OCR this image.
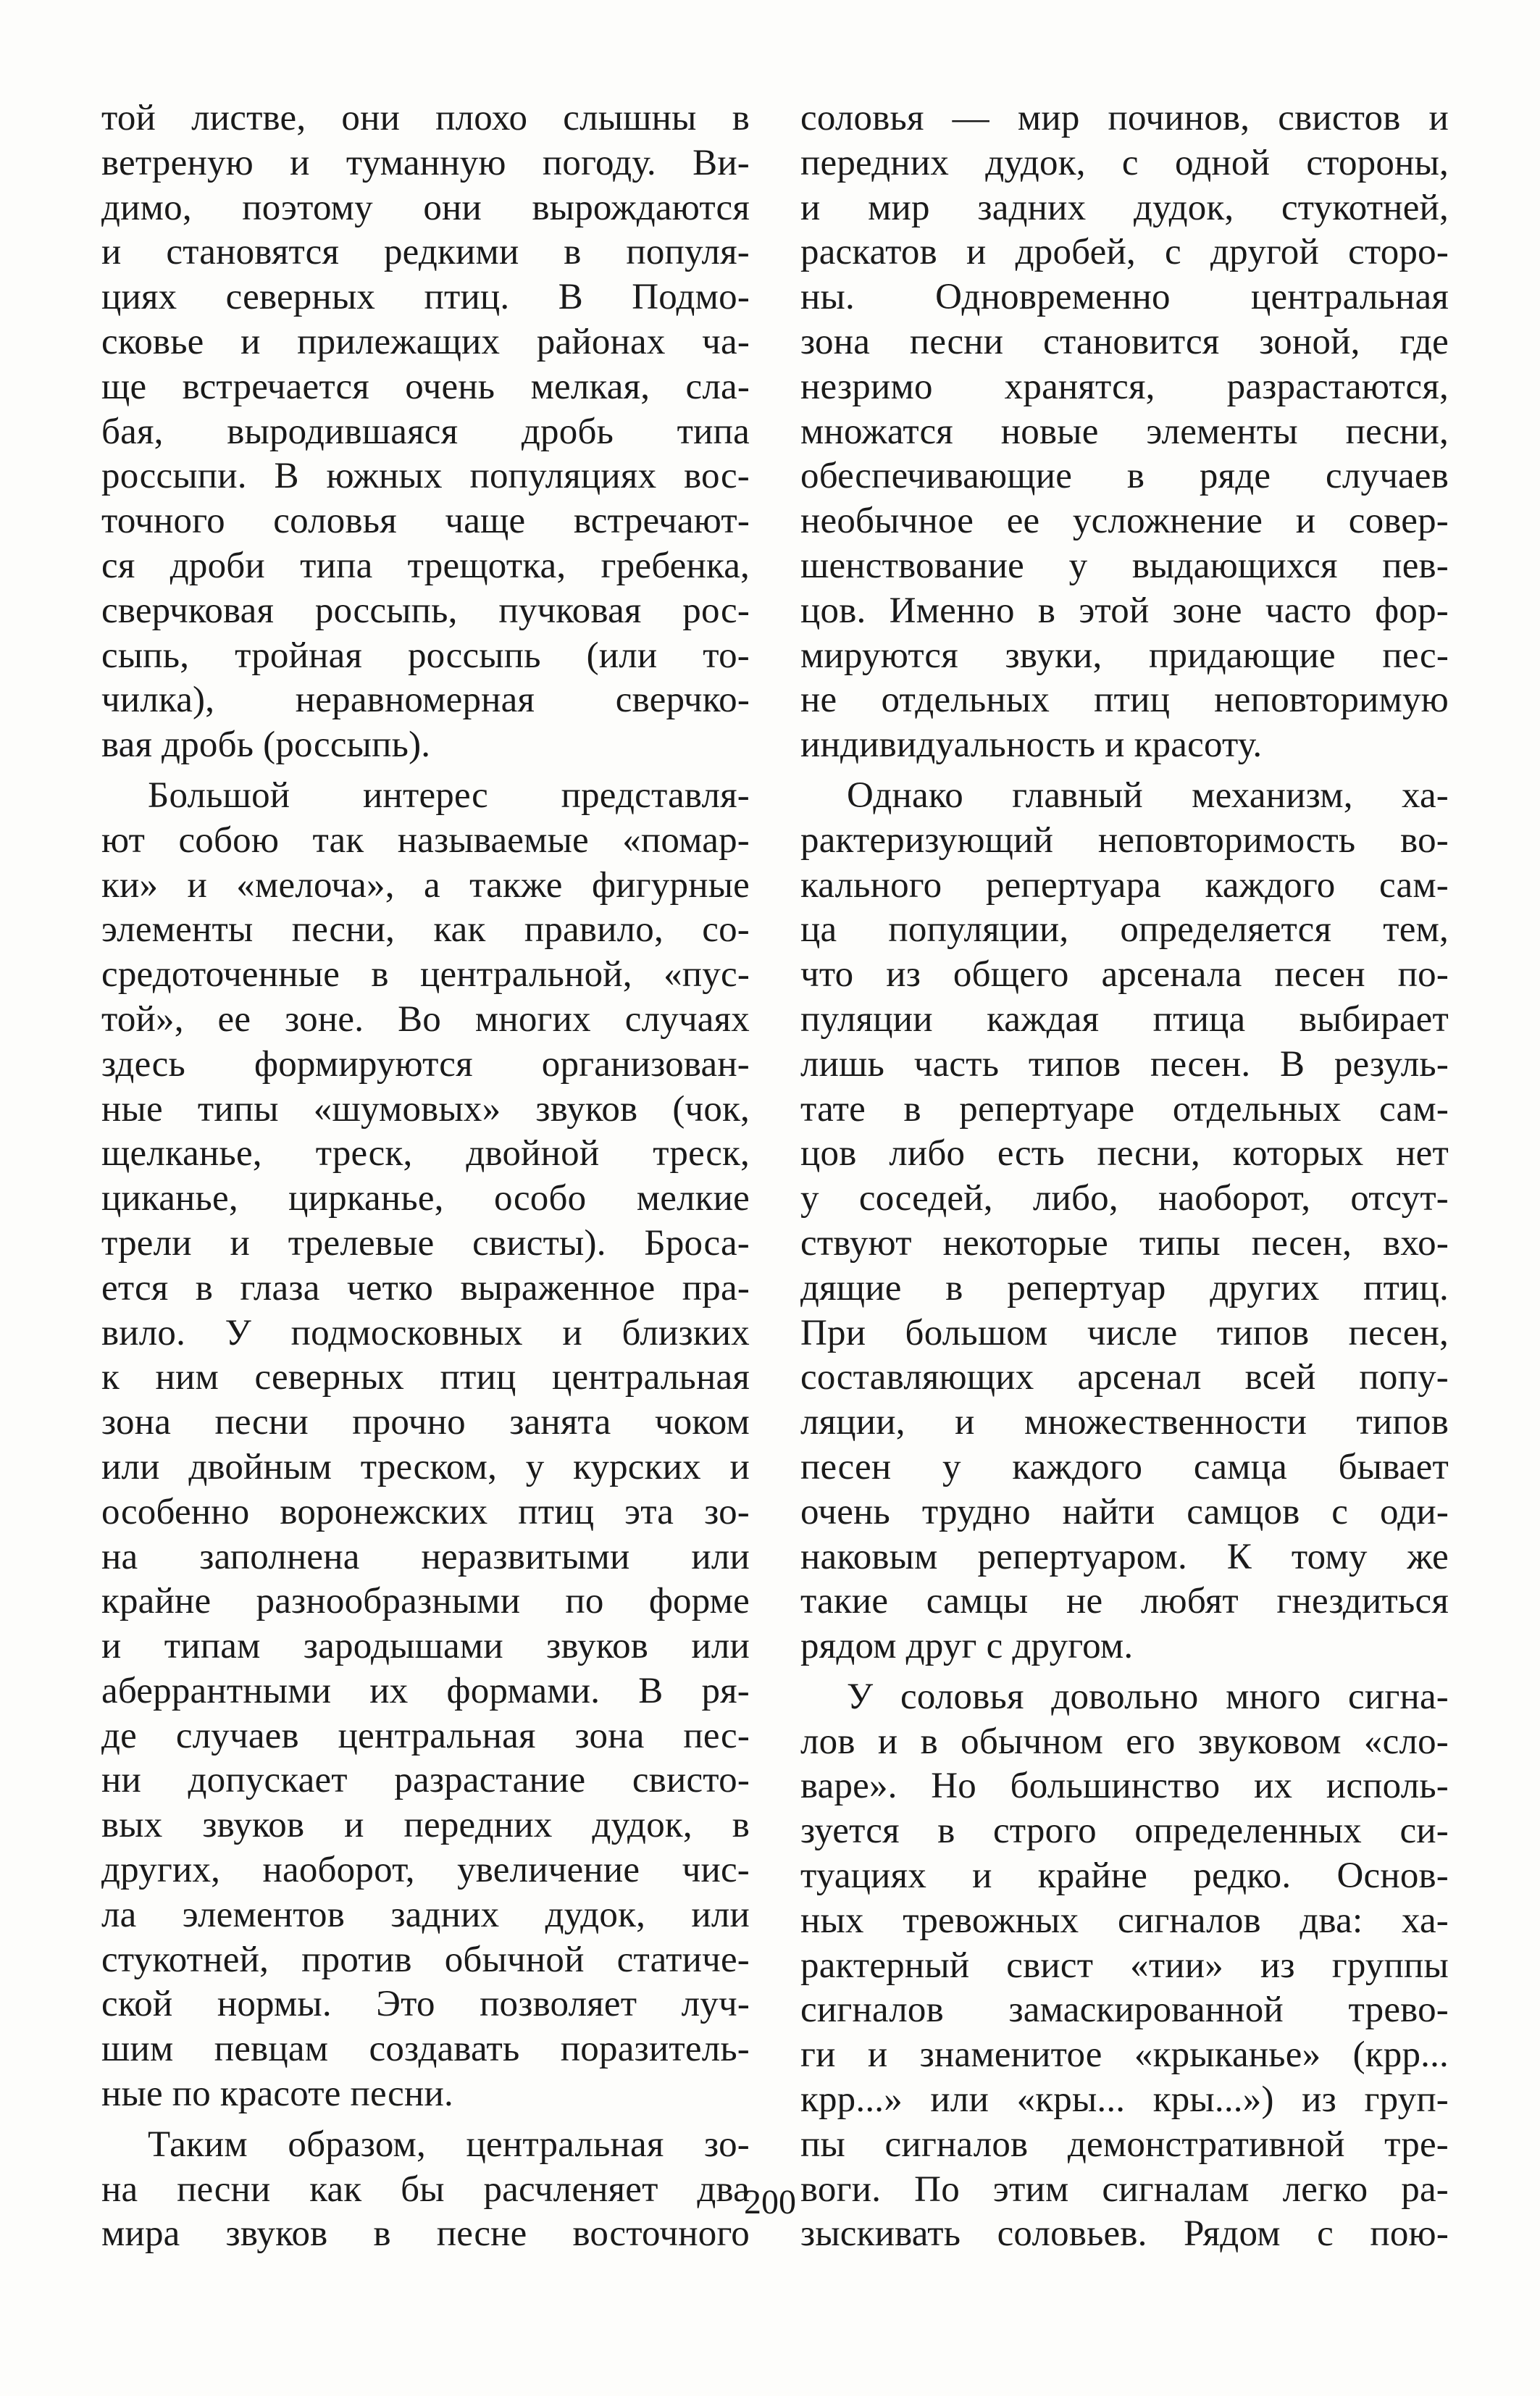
той листве, они плохо слышны в
ветреную и туманную погоду. Ви-
димо, поэтому они вырождаются
и становятся редкими в популя-
циях северных птиц. В Подмо-
сковье и прилежащих районах ча-
ще встречается очень мелкая, сла-
бая, выродившаяся дробь типа
россыпи. В южных популяциях вос-
точного соловья чаще встречают-
ся дроби типа трещотка, гребенка,
сверчковая россыпь, пучковая рос-
сыпь, тройная россыпь (или то-
чилка), неравномерная сверчко-
вая дробь (россыпь).
Большой интерес представля-
ют собою так называемые «помар-
ки» и «мелоча», а также фигурные
элементы песни, как правило, со-
средоточенные в центральной, «пус-
той», ее зоне. Во многих случаях
здесь формируются организован-
ные типы «шумовых» звуков (чок,
щелканье, треск, двойной треск,
циканье, цирканье, особо мелкие
трели и трелевые свисты). Броса-
ется в глаза четко выраженное пра-
вило. У подмосковных и близких
к ним северных птиц центральная
зона песни прочно занята чоком
или двойным треском, у курских и
особенно воронежских птиц эта зо-
на заполнена неразвитыми или
крайне разнообразными по форме
и типам зародышами звуков или
аберрантными их формами. В ря-
де случаев центральная зона пес-
ни допускает разрастание свисто-
вых звуков и передних дудок, в
других, наоборот, увеличение чис-
ла элементов задних дудок, или
стукотней, против обычной статиче-
ской нормы. Это позволяет луч-
шим певцам создавать поразитель-
ные по красоте песни.
Таким образом, центральная зо-
на песни как бы расчленяет два
мира звуков в песне восточного
соловья — мир починов, свистов и
передних дудок, с одной стороны,
и мир задних дудок, стукотней,
раскатов и дробей, с другой сторо-
ны. Одновременно центральная
зона песни становится зоной, где
незримо хранятся, разрастаются,
множатся новые элементы песни,
обеспечивающие в ряде случаев
необычное ее усложнение и совер-
шенствование у выдающихся пев-
цов. Именно в этой зоне часто фор-
мируются звуки, придающие пес-
не отдельных птиц неповторимую
индивидуальность и красоту.
Однако главный механизм, ха-
рактеризующий неповторимость во-
кального репертуара каждого сам-
ца популяции, определяется тем,
что из общего арсенала песен по-
пуляции каждая птица выбирает
лишь часть типов песен. В резуль-
тате в репертуаре отдельных сам-
цов либо есть песни, которых нет
у соседей, либо, наоборот, отсут-
ствуют некоторые типы песен, вхо-
дящие в репертуар других птиц.
При большом числе типов песен,
составляющих арсенал всей попу-
ляции, и множественности типов
песен у каждого самца бывает
очень трудно найти самцов с оди-
наковым репертуаром. К тому же
такие самцы не любят гнездиться
рядом друг с другом.
У соловья довольно много сигна-
лов и в обычном его звуковом «сло-
варе». Но большинство их исполь-
зуется в строго определенных си-
туациях и крайне редко. Основ-
ных тревожных сигналов два: ха-
рактерный свист «тии» из группы
сигналов замаскированной трево-
ги и знаменитое «крыканье» (крр...
крр...» или «кры... кры...») из груп-
пы сигналов демонстративной тре-
воги. По этим сигналам легко ра-
зыскивать соловьев. Рядом с пою-
200
